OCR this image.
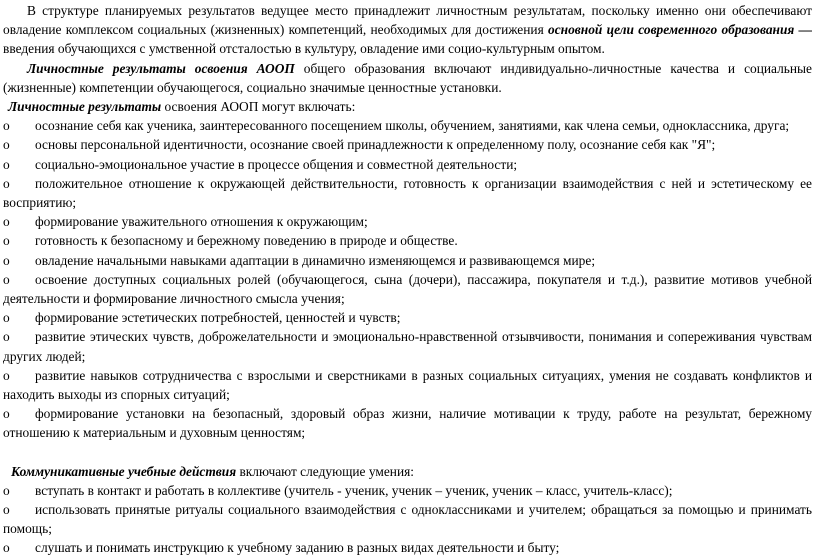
В структуре планируемых результатов ведущее место принадлежит личностным результатам, поскольку именно они обеспечивают овладение комплексом социальных (жизненных) компетенций, необходимых для достижения основной цели современного образования — введения обучающихся с умственной отсталостью в культуру, овладение ими социо-культурным опытом.

Личностные результаты освоения АООП общего образования включают индивидуально-личностные качества и социальные (жизненные) компетенции обучающегося, социально значимые ценностные установки.

Личностные результаты освоения АООП могут включать:

o	осознание себя как ученика, заинтересованного посещением школы, обучением, занятиями, как члена семьи, одноклассника, друга;

o	основы персональной идентичности, осознание своей принадлежности к определенному полу, осознание себя как "Я";

o	социально-эмоциональное участие в процессе общения и совместной деятельности;

o	положительное отношение к окружающей действительности, готовность к организации взаимодействия с ней и эстетическому ее восприятию;

o	формирование уважительного отношения к окружающим;

o	готовность к безопасному и бережному поведению в природе и обществе.

o	овладение начальными навыками адаптации в динамично изменяющемся и развивающемся мире;

o	освоение доступных социальных ролей (обучающегося, сына (дочери), пассажира, покупателя и т.д.), развитие мотивов учебной деятельности и формирование личностного смысла учения;

o	формирование эстетических потребностей, ценностей и чувств;

o	развитие этических чувств, доброжелательности и эмоционально-нравственной отзывчивости, понимания и сопереживания чувствам других людей;

o	развитие навыков сотрудничества с взрослыми и сверстниками в разных социальных ситуациях, умения не создавать конфликтов и находить выходы из спорных ситуаций;

o	формирование установки на безопасный, здоровый образ жизни, наличие мотивации к труду, работе на результат, бережному отношению к материальным и духовным ценностям;

Коммуникативные учебные действия включают следующие умения:

o	вступать в контакт и работать в коллективе (учитель - ученик, ученик – ученик, ученик – класс, учитель-класс);

o	использовать принятые ритуалы социального взаимодействия с одноклассниками и учителем; обращаться за помощью и принимать помощь;

o	слушать и понимать инструкцию к учебному заданию в разных видах деятельности и быту;
